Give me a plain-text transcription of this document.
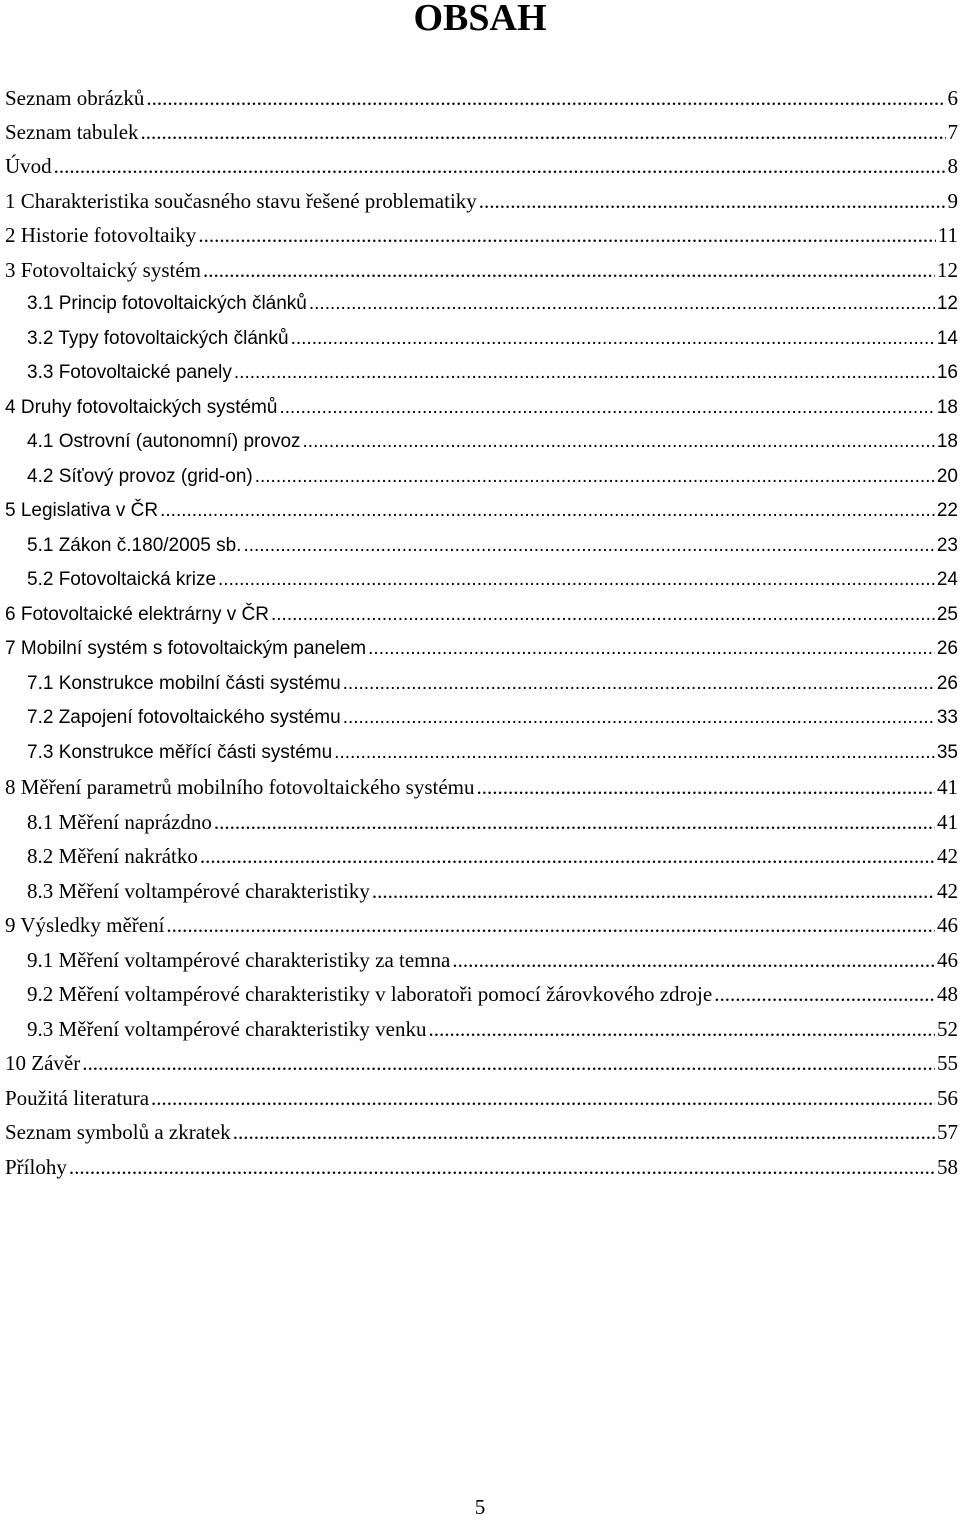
OBSAH
Seznam obrázků .....	6
Seznam tabulek .....	7
Úvod .....	8
1 Charakteristika současného stavu řešené problematiky .....	9
2 Historie fotovoltaiky .....	11
3 Fotovoltaický systém .....	12
3.1 Princip fotovoltaických článků .....	12
3.2 Typy fotovoltaických článků .....	14
3.3 Fotovoltaické panely .....	16
4 Druhy fotovoltaických systémů .....	18
4.1 Ostrovní (autonomní) provoz .....	18
4.2 Síťový provoz (grid-on) .....	20
5 Legislativa v ČR .....	22
5.1 Zákon č.180/2005 sb. .....	23
5.2 Fotovoltaická krize .....	24
6 Fotovoltaické elektrárny v ČR .....	25
7 Mobilní systém s fotovoltaickým panelem .....	26
7.1 Konstrukce mobilní části systému .....	26
7.2 Zapojení fotovoltaického systému .....	33
7.3 Konstrukce měřící části systému .....	35
8 Měření parametrů mobilního fotovoltaického systému .....	41
8.1 Měření naprázdno .....	41
8.2 Měření nakrátko .....	42
8.3 Měření voltampérové charakteristiky .....	42
9 Výsledky měření .....	46
9.1 Měření voltampérové charakteristiky za temna .....	46
9.2 Měření voltampérové charakteristiky v laboratoři pomocí žárovkového zdroje .....	48
9.3 Měření voltampérové charakteristiky venku .....	52
10 Závěr .....	55
Použitá literatura .....	56
Seznam symbolů a zkratek .....	57
Přílohy .....	58
5
